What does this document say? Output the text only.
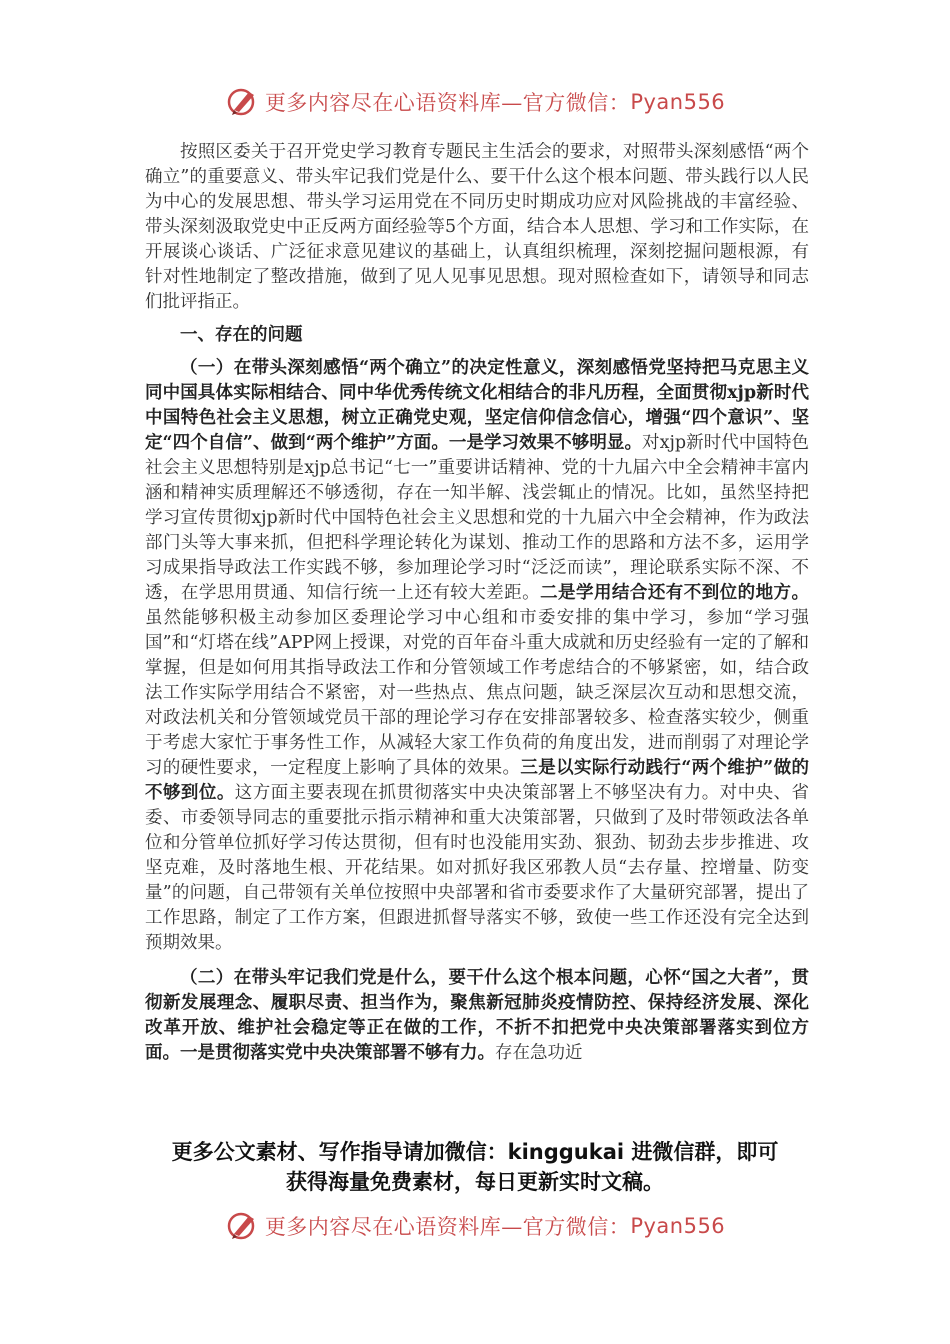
更多内容尽在心语资料库—官方微信： Pyan556

按照区委关于召开党史学习教育专题民主生活会的要求，对照带头深刻感悟“两个确立”的重要意义、带头牢记我们党是什么、要干什么这个根本问题、带头践行以人民为中心的发展思想、带头学习运用党在不同历史时期成功应对风险挑战的丰富经验、带头深刻汲取党史中正反两方面经验等5个方面，结合本人思想、学习和工作实际，在开展谈心谈话、广泛征求意见建议的基础上，认真组织梳理，深刻挖掘问题根源，有针对性地制定了整改措施，做到了见人见事见思想。现对照检查如下，请领导和同志们批评指正。

一、存在的问题

（一）在带头深刻感悟“两个确立”的决定性意义，深刻感悟党坚持把马克思主义同中国具体实际相结合、同中华优秀传统文化相结合的非凡历程，全面贯彻xjp新时代中国特色社会主义思想，树立正确党史观，坚定信仰信念信心，增强“四个意识”、坚定“四个自信”、做到“两个维护”方面。一是学习效果不够明显。对xjp新时代中国特色社会主义思想特别是xjp总书记“七一”重要讲话精神、党的十九届六中全会精神丰富内涵和精神实质理解还不够透彻，存在一知半解、浅尝辄止的情况。比如，虽然坚持把学习宣传贯彻xjp新时代中国特色社会主义思想和党的十九届六中全会精神，作为政法部门头等大事来抓，但把科学理论转化为谋划、推动工作的思路和方法不多，运用学习成果指导政法工作实践不够，参加理论学习时“泛泛而读”，理论联系实际不深、不透，在学思用贯通、知信行统一上还有较大差距。二是学用结合还有不到位的地方。虽然能够积极主动参加区委理论学习中心组和市委安排的集中学习，参加“学习强国”和“灯塔在线”APP网上授课，对党的百年奋斗重大成就和历史经验有一定的了解和掌握，但是如何用其指导政法工作和分管领域工作考虑结合的不够紧密，如，结合政法工作实际学用结合不紧密，对一些热点、焦点问题，缺乏深层次互动和思想交流，对政法机关和分管领域党员干部的理论学习存在安排部署较多、检查落实较少，侧重于考虑大家忙于事务性工作，从减轻大家工作负荷的角度出发，进而削弱了对理论学习的硬性要求，一定程度上影响了具体的效果。三是以实际行动践行“两个维护”做的不够到位。这方面主要表现在抓贯彻落实中央决策部署上不够坚决有力。对中央、省委、市委领导同志的重要批示指示精神和重大决策部署，只做到了及时带领政法各单位和分管单位抓好学习传达贯彻，但有时也没能用实劲、狠劲、韧劲去步步推进、攻坚克难，及时落地生根、开花结果。如对抓好我区邪教人员“去存量、控增量、防变量”的问题，自己带领有关单位按照中央部署和省市委要求作了大量研究部署，提出了工作思路，制定了工作方案，但跟进抓督导落实不够，致使一些工作还没有完全达到预期效果。

（二）在带头牢记我们党是什么，要干什么这个根本问题，心怀“国之大者”，贯彻新发展理念、履职尽责、担当作为，聚焦新冠肺炎疫情防控、保持经济发展、深化改革开放、维护社会稳定等正在做的工作，不折不扣把党中央决策部署落实到位方面。一是贯彻落实党中央决策部署不够有力。存在急功近

更多公文素材、写作指导请加微信：kinggukai 进微信群，即可
获得海量免费素材，每日更新实时文稿。
更多内容尽在心语资料库—官方微信： Pyan556
